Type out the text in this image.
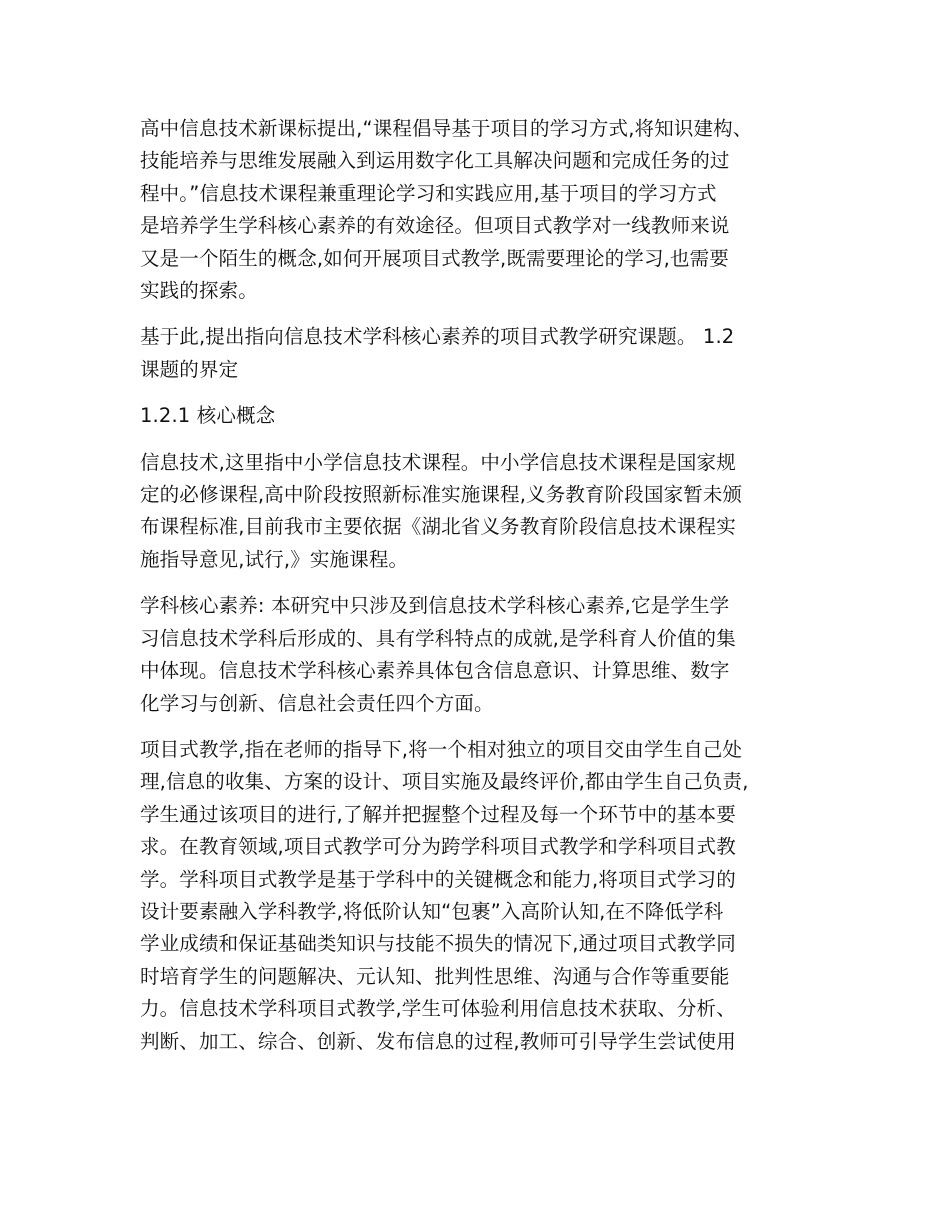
高中信息技术新课标提出,“课程倡导基于项目的学习方式,将知识建构、
技能培养与思维发展融入到运用数字化工具解决问题和完成任务的过
程中。”信息技术课程兼重理论学习和实践应用,基于项目的学习方式
是培养学生学科核心素养的有效途径。但项目式教学对一线教师来说
又是一个陌生的概念,如何开展项目式教学,既需要理论的学习,也需要
实践的探索。

基于此,提出指向信息技术学科核心素养的项目式教学研究课题。 1.2
课题的界定

1.2.1 核心概念

信息技术,这里指中小学信息技术课程。中小学信息技术课程是国家规
定的必修课程,高中阶段按照新标准实施课程,义务教育阶段国家暂未颁
布课程标准,目前我市主要依据《湖北省义务教育阶段信息技术课程实
施指导意见,试行,》实施课程。

学科核心素养: 本研究中只涉及到信息技术学科核心素养,它是学生学
习信息技术学科后形成的、具有学科特点的成就,是学科育人价值的集
中体现。信息技术学科核心素养具体包含信息意识、计算思维、数字
化学习与创新、信息社会责任四个方面。

项目式教学,指在老师的指导下,将一个相对独立的项目交由学生自己处
理,信息的收集、方案的设计、项目实施及最终评价,都由学生自己负责,
学生通过该项目的进行,了解并把握整个过程及每一个环节中的基本要
求。在教育领域,项目式教学可分为跨学科项目式教学和学科项目式教
学。学科项目式教学是基于学科中的关键概念和能力,将项目式学习的
设计要素融入学科教学,将低阶认知“包裹”入高阶认知,在不降低学科
学业成绩和保证基础类知识与技能不损失的情况下,通过项目式教学同
时培育学生的问题解决、元认知、批判性思维、沟通与合作等重要能
力。信息技术学科项目式教学,学生可体验利用信息技术获取、分析、
判断、加工、综合、创新、发布信息的过程,教师可引导学生尝试使用
